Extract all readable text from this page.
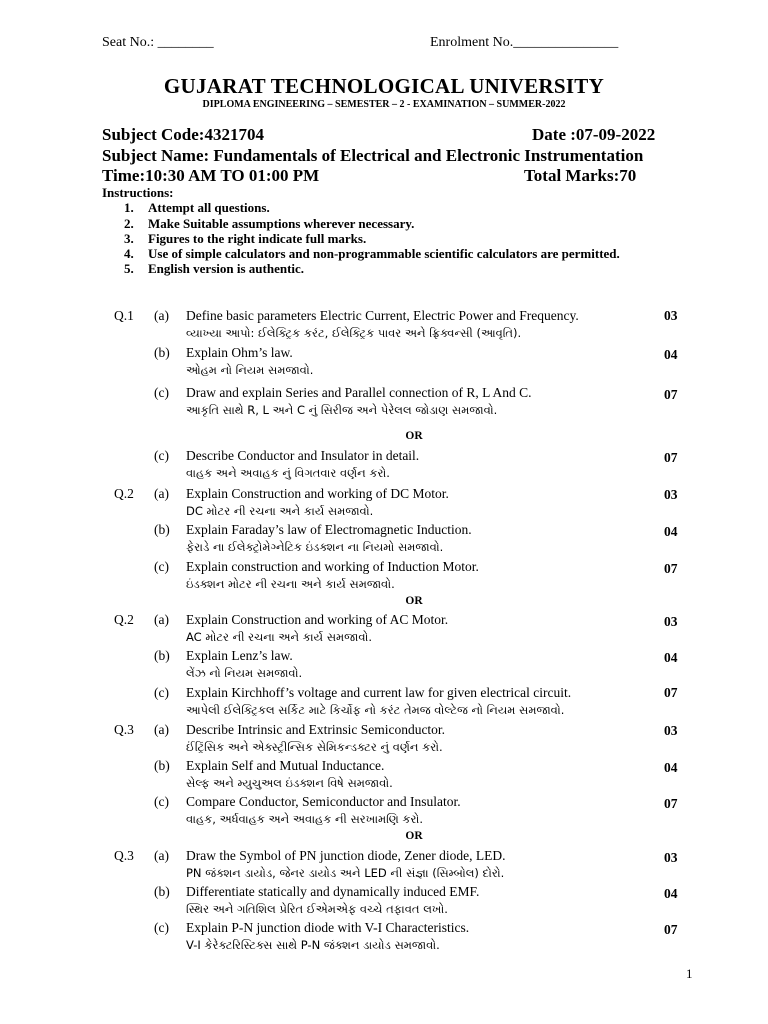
Seat No.: ________	Enrolment No._______________
GUJARAT TECHNOLOGICAL UNIVERSITY
DIPLOMA ENGINEERING – SEMESTER – 2 - EXAMINATION – SUMMER-2022
Subject Code:4321704	Date :07-09-2022
Subject Name: Fundamentals of Electrical and Electronic Instrumentation
Time:10:30 AM TO 01:00 PM	Total Marks:70
Instructions:
1. Attempt all questions.
2. Make Suitable assumptions wherever necessary.
3. Figures to the right indicate full marks.
4. Use of simple calculators and non-programmable scientific calculators are permitted.
5. English version is authentic.
Q.1 (a) Define basic parameters Electric Current, Electric Power and Frequency.	03
વ્યાખ્યા આપો: ઈલેક્ટ્રિક કરંટ, ઈલેક્ટ્રિક પાવર અને ફ્રિક્વન્સી (આવૃતિ).
(b) Explain Ohm’s law.	04
ઓહમ નો નિયમ સમજાવો.
(c) Draw and explain Series and Parallel connection of R, L And C.	07
આકૃતિ સાથે R, L અને C નું સિરીજ અને પેરેલલ જોડાણ સમજાવો.
OR
(c) Describe Conductor and Insulator in detail.	07
વાહક અને અવાહક નું વિગતવાર વર્ણન કરો.
Q.2 (a) Explain Construction and working of DC Motor.	03
DC મોટર ની રચના અને કાર્ય સમજાવો.
(b) Explain Faraday’s law of Electromagnetic Induction.	04
ફેરાડે ના ઈલેક્ટ્રોમેગ્નેટિક ઇંડક્શન ના નિયમો સમજાવો.
(c) Explain construction and working of Induction Motor.	07
ઇંડક્શન મોટર ની રચના અને કાર્ય સમજાવો.
OR
Q.2 (a) Explain Construction and working of AC Motor.	03
AC મોટર ની રચના અને કાર્ય સમજાવો.
(b) Explain Lenz’s law.	04
લેંઝ નો નિયમ સમજાવો.
(c) Explain Kirchhoff’s voltage and current law for given electrical circuit.	07
આપેલી ઈલેક્ટ્રિકલ સર્કિટ માટે કિર્ચોફ નો કરંટ તેમજ વોલ્ટેજ નો નિયમ સમજાવો.
Q.3 (a) Describe Intrinsic and Extrinsic Semiconductor.	03
ઈંટ્રિંસિક અને એક્સ્ટ્રીન્સિક સેમિકન્ડક્ટર નું વર્ણન કરો.
(b) Explain Self and Mutual Inductance.	04
સેલ્ફ અને મ્યુચુઅલ ઇંડક્શન વિષે સમજાવો.
(c) Compare Conductor, Semiconductor and Insulator.	07
વાહક, અર્ધવાહક અને અવાહક ની સરખામણિ કરો.
OR
Q.3 (a) Draw the Symbol of PN junction diode, Zener diode, LED.	03
PN જંક્શન ડાયોડ, જેનર ડાયોડ અને LED ની સંજ્ઞા (સિમ્બોલ) દોરો.
(b) Differentiate statically and dynamically induced EMF.	04
સ્થિર અને ગતિશિલ પ્રેરિત ઈએમએફ વચ્ચે તફાવત લખો.
(c) Explain P-N junction diode with V-I Characteristics.	07
V-I કેરેક્ટરિસ્ટિક્સ સાથે P-N જંક્શન ડાયોડ સમજાવો.
1
